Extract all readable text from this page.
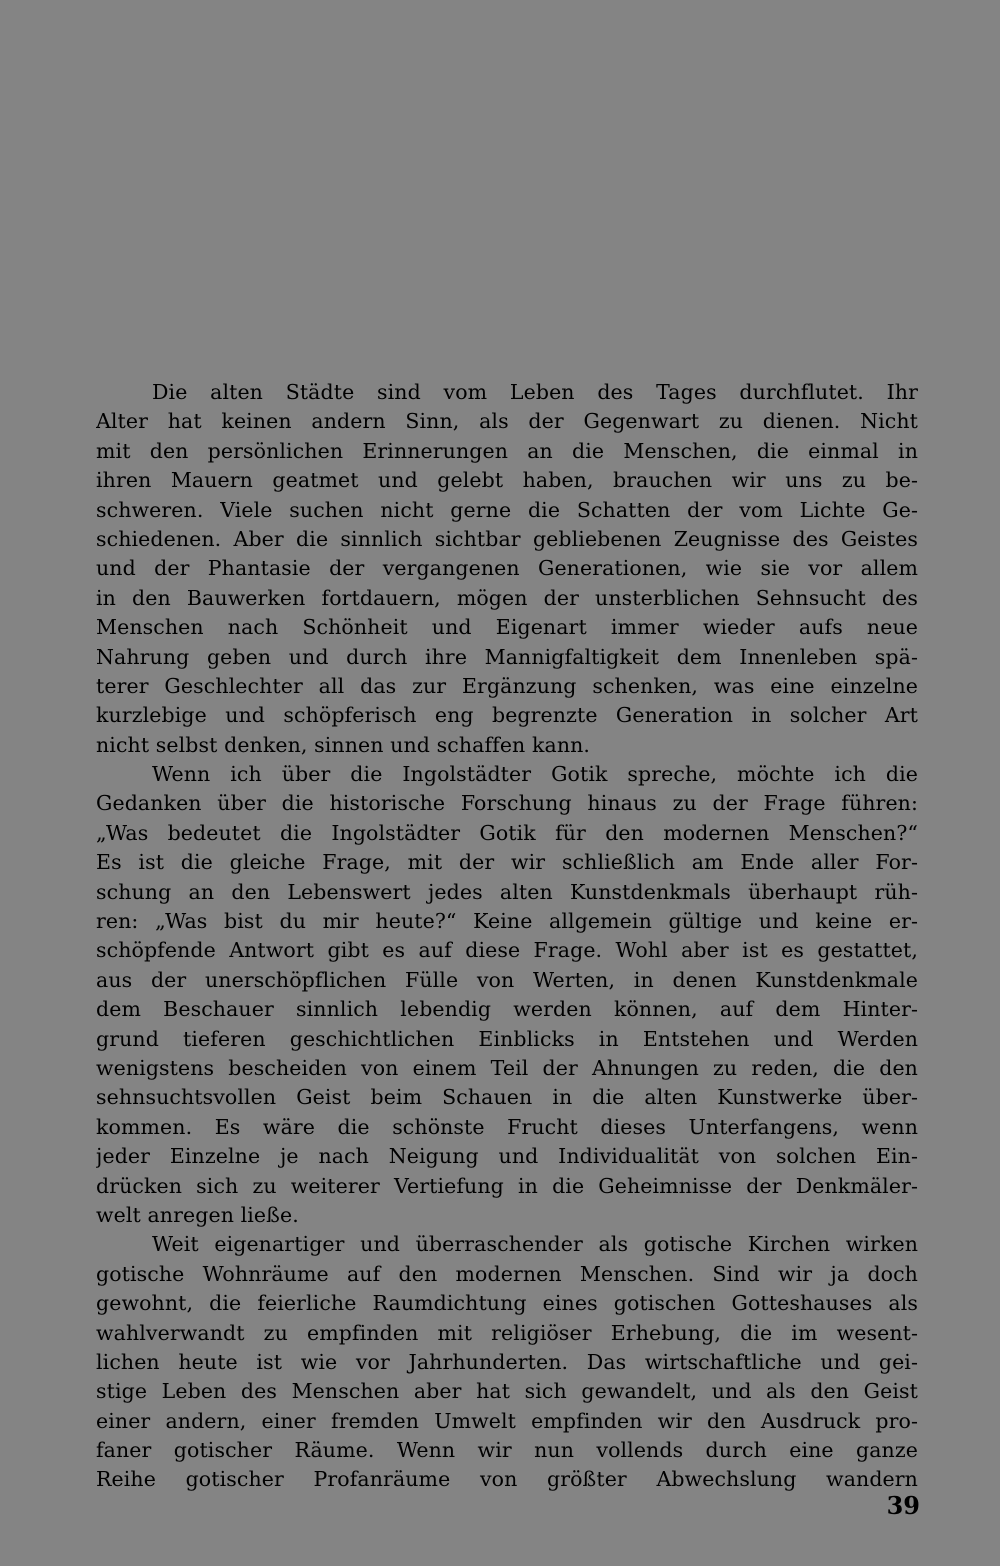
Die alten Städte sind vom Leben des Tages durchflutet. Ihr
Alter hat keinen andern Sinn, als der Gegenwart zu dienen. Nicht
mit den persönlichen Erinnerungen an die Menschen, die einmal in
ihren Mauern geatmet und gelebt haben, brauchen wir uns zu be-
schweren. Viele suchen nicht gerne die Schatten der vom Lichte Ge-
schiedenen. Aber die sinnlich sichtbar gebliebenen Zeugnisse des Geistes
und der Phantasie der vergangenen Generationen, wie sie vor allem
in den Bauwerken fortdauern, mögen der unsterblichen Sehnsucht des
Menschen nach Schönheit und Eigenart immer wieder aufs neue
Nahrung geben und durch ihre Mannigfaltigkeit dem Innenleben spä-
terer Geschlechter all das zur Ergänzung schenken, was eine einzelne
kurzlebige und schöpferisch eng begrenzte Generation in solcher Art
nicht selbst denken, sinnen und schaffen kann.
Wenn ich über die Ingolstädter Gotik spreche, möchte ich die
Gedanken über die historische Forschung hinaus zu der Frage führen:
„Was bedeutet die Ingolstädter Gotik für den modernen Menschen?“
Es ist die gleiche Frage, mit der wir schließlich am Ende aller For-
schung an den Lebenswert jedes alten Kunstdenkmals überhaupt rüh-
ren: „Was bist du mir heute?“ Keine allgemein gültige und keine er-
schöpfende Antwort gibt es auf diese Frage. Wohl aber ist es gestattet,
aus der unerschöpflichen Fülle von Werten, in denen Kunstdenkmale
dem Beschauer sinnlich lebendig werden können, auf dem Hinter-
grund tieferen geschichtlichen Einblicks in Entstehen und Werden
wenigstens bescheiden von einem Teil der Ahnungen zu reden, die den
sehnsuchtsvollen Geist beim Schauen in die alten Kunstwerke über-
kommen. Es wäre die schönste Frucht dieses Unterfangens, wenn
jeder Einzelne je nach Neigung und Individualität von solchen Ein-
drücken sich zu weiterer Vertiefung in die Geheimnisse der Denkmäler-
welt anregen ließe.
Weit eigenartiger und überraschender als gotische Kirchen wirken
gotische Wohnräume auf den modernen Menschen. Sind wir ja doch
gewohnt, die feierliche Raumdichtung eines gotischen Gotteshauses als
wahlverwandt zu empfinden mit religiöser Erhebung, die im wesent-
lichen heute ist wie vor Jahrhunderten. Das wirtschaftliche und gei-
stige Leben des Menschen aber hat sich gewandelt, und als den Geist
einer andern, einer fremden Umwelt empfinden wir den Ausdruck pro-
faner gotischer Räume. Wenn wir nun vollends durch eine ganze
Reihe gotischer Profanräume von größter Abwechslung wandern
39
